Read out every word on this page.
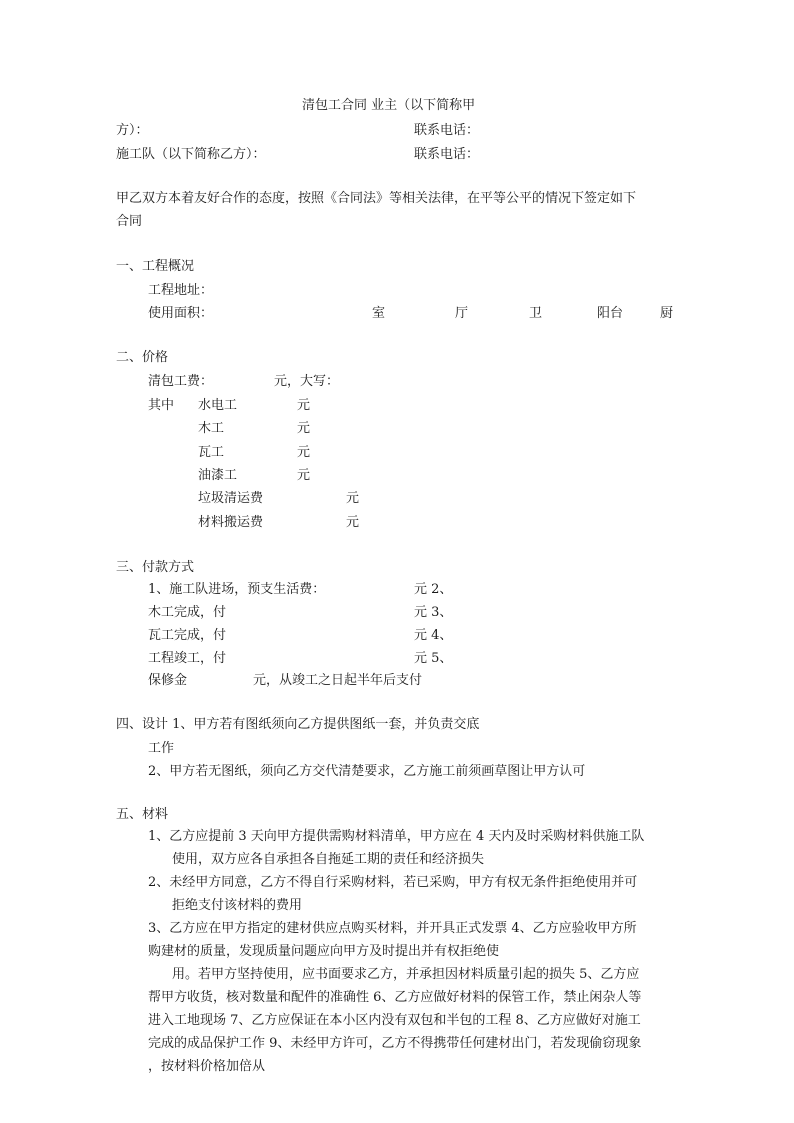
清包工合同 业主（以下简称甲
方）：	联系电话：
施工队（以下简称乙方）：	联系电话：
甲乙双方本着友好合作的态度，按照《合同法》等相关法律，在平等公平的情况下签定如下
合同
一、工程概况
工程地址：
使用面积：	室	厅	卫	阳台	厨
二、价格
清包工费：	元，大写：
其中 水电工	元
木工	元
瓦工	元
油漆工	元
垃圾清运费	元
材料搬运费	元
三、付款方式
1、施工队进场，预支生活费：	元 2、
木工完成，付	元 3、
瓦工完成，付	元 4、
工程竣工，付	元 5、
保修金	元，从竣工之日起半年后支付
四、设计 1、甲方若有图纸须向乙方提供图纸一套，并负责交底
工作
2、甲方若无图纸，须向乙方交代清楚要求，乙方施工前须画草图让甲方认可
五、材料
1、乙方应提前 3 天向甲方提供需购材料清单，甲方应在 4 天内及时采购材料供施工队
使用，双方应各自承担各自拖延工期的责任和经济损失
2、未经甲方同意，乙方不得自行采购材料，若已采购，甲方有权无条件拒绝使用并可
拒绝支付该材料的费用
3、乙方应在甲方指定的建材供应点购买材料，并开具正式发票 4、乙方应验收甲方所
购建材的质量，发现质量问题应向甲方及时提出并有权拒绝使
用。若甲方坚持使用，应书面要求乙方，并承担因材料质量引起的损失 5、乙方应
帮甲方收货，核对数量和配件的准确性 6、乙方应做好材料的保管工作，禁止闲杂人等
进入工地现场 7、乙方应保证在本小区内没有双包和半包的工程 8、乙方应做好对施工
完成的成品保护工作 9、未经甲方许可，乙方不得携带任何建材出门，若发现偷窃现象
，按材料价格加倍从
